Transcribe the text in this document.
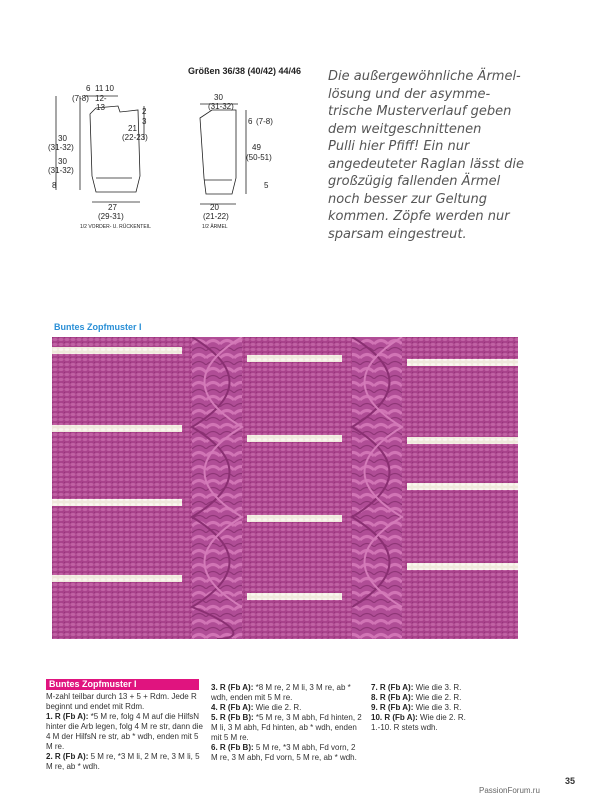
6 11 10
(7-8) 12-
13
30
(31-32)
30
(31-32)
8
2
3
21
(22-23)
27
(29-31)
1/2 VORDER- U. RÜCKENTEIL
30
(31-32)
6 (7-8)
49
(50-51)
5
20
(21-22)
1/2 ÄRMEL
Größen 36/38 (40/42) 44/46 Die außergewöhnliche Ärmel-
lösung und der asymme-
trische Musterverlauf geben
dem weitgeschnittenen
Pulli hier Pfiff! Ein nur
angedeuteter Raglan lässt die
großzügig fallenden Ärmel
noch besser zur Geltung
kommen. Zöpfe werden nur
sparsam eingestreut.
Buntes Zopfmuster I
Buntes Zopfmuster I

M-zahl teilbar durch 13 + 5 + Rdm. Jede R beginnt und endet mit Rdm.

1. R (Fb A): *5 M re, folg 4 M auf die HilfsN hinter die Arb legen, folg 4 M re str, dann die 4 M der HilfsN re str, ab * wdh, enden mit 5 M re.

2. R (Fb A): 5 M re, *3 M li, 2 M re, 3 M li, 5 M re, ab * wdh.

3. R (Fb A): *8 M re, 2 M li, 3 M re, ab * wdh, enden mit 5 M re.

4. R (Fb A): Wie die 2. R.

5. R (Fb B): *5 M re, 3 M abh, Fd hinten, 2 M li, 3 M abh, Fd hinten, ab * wdh, enden mit 5 M re.

6. R (Fb B): 5 M re, *3 M abh, Fd vorn, 2 M re, 3 M abh, Fd vorn, 5 M re, ab * wdh.

7. R (Fb A): Wie die 3. R.

8. R (Fb A): Wie die 2. R.

9. R (Fb A): Wie die 3. R.

10. R (Fb A): Wie die 2. R.

1.-10. R stets wdh.

35
PassionForum.ru
